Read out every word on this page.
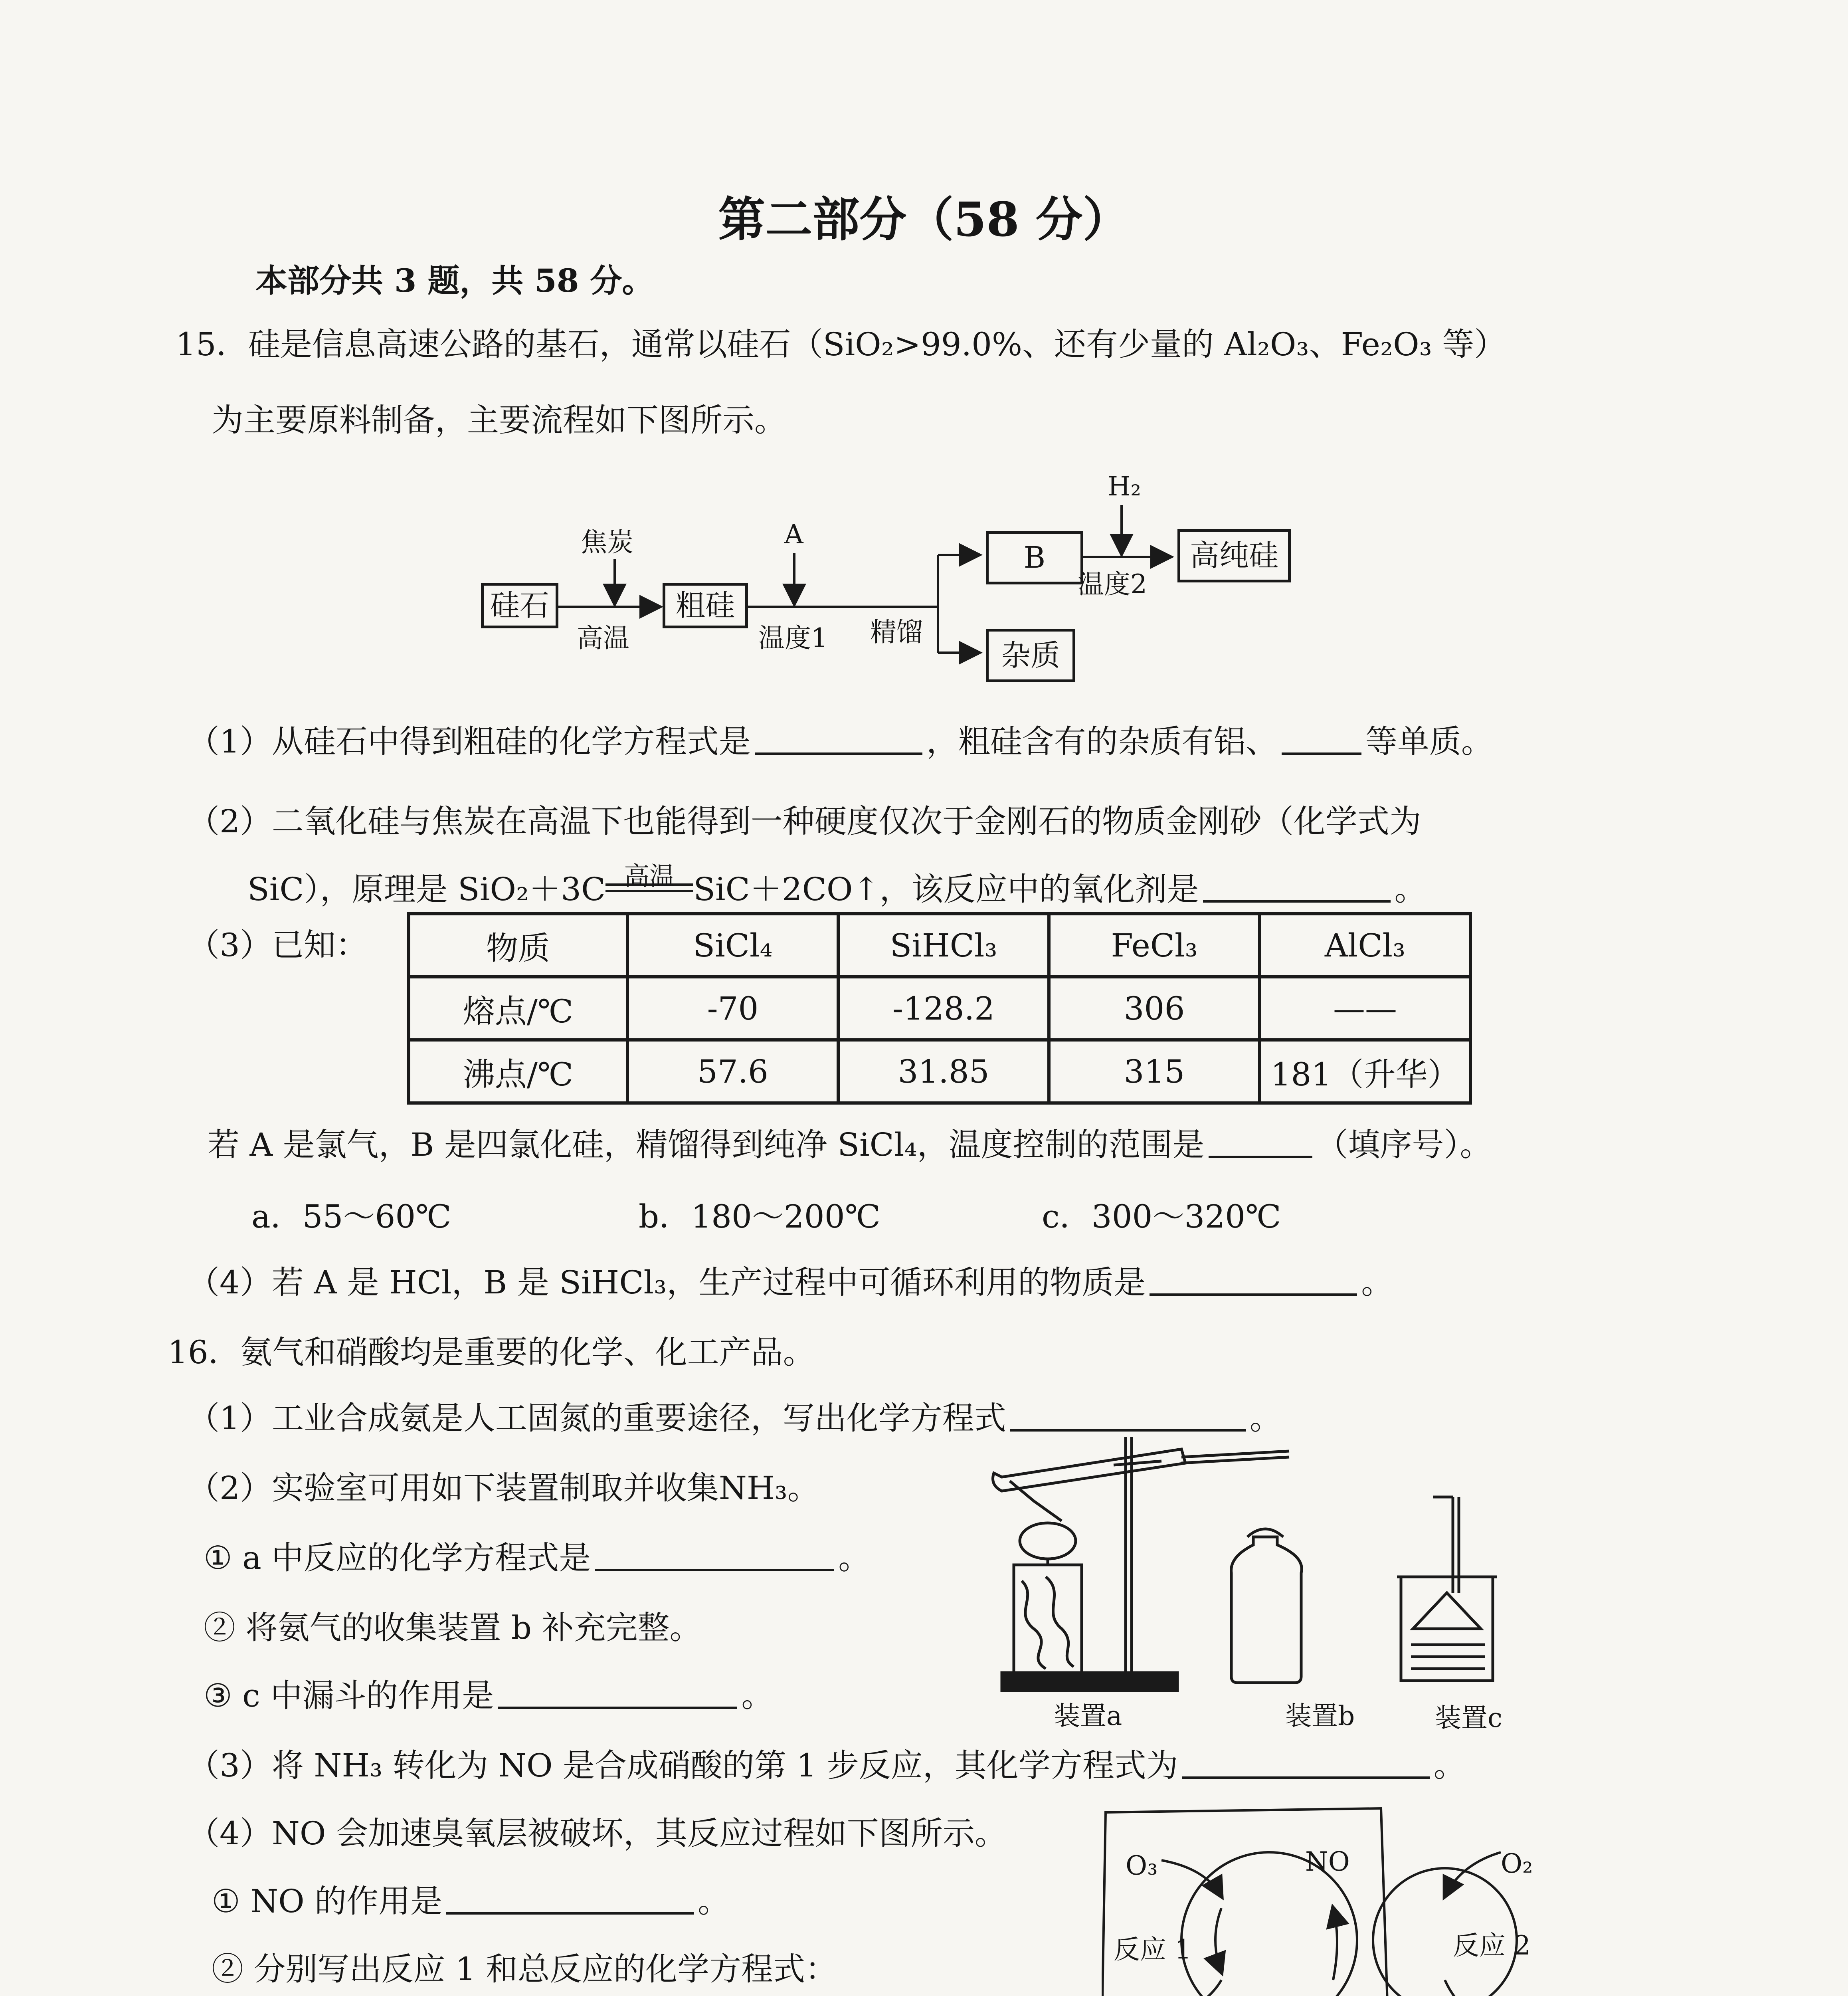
第二部分（58 分）
本部分共 3 题，共 58 分。
15．硅是信息高速公路的基石，通常以硅石（SiO₂>99.0%、还有少量的 Al₂O₃、Fe₂O₃ 等）
为主要原料制备，主要流程如下图所示。
硅石	粗硅
B	高纯硅
杂质
焦炭	A
H₂
高温	温度1 精馏
温度2
（1）从硅石中得到粗硅的化学方程式是	，粗硅含有的杂质有铝、	等单质。
（2）二氧化硅与焦炭在高温下也能得到一种硬度仅次于金刚石的物质金刚砂（化学式为
SiC），原理是 SiO₂＋3C 高温 SiC＋2CO↑，该反应中的氧化剂是	。
（3）已知：	物质	SiCl₄	SiHCl₃	FeCl₃	AlCl₃
熔点/℃	-70	-128.2	306	——
沸点/℃	57.6	31.85	315	181（升华）
若 A 是氯气，B 是四氯化硅，精馏得到纯净 SiCl₄，温度控制的范围是	（填序号）。
a．55～60℃	b．180～200℃	c．300～320℃
（4）若 A 是 HCl，B 是 SiHCl₃，生产过程中可循环利用的物质是	。
16．氨气和硝酸均是重要的化学、化工产品。
（1）工业合成氨是人工固氮的重要途径，写出化学方程式	。
（2）实验室可用如下装置制取并收集NH₃。
① a 中反应的化学方程式是	。
② 将氨气的收集装置 b 补充完整。
③ c 中漏斗的作用是	。
装置a	装置b	装置c
（3）将 NH₃ 转化为 NO 是合成硝酸的第 1 步反应，其化学方程式为	。
（4）NO 会加速臭氧层被破坏，其反应过程如下图所示。
① NO 的作用是	。
② 分别写出反应 1 和总反应的化学方程式：
O₃	NO	O₂
反应 1	反应 2
